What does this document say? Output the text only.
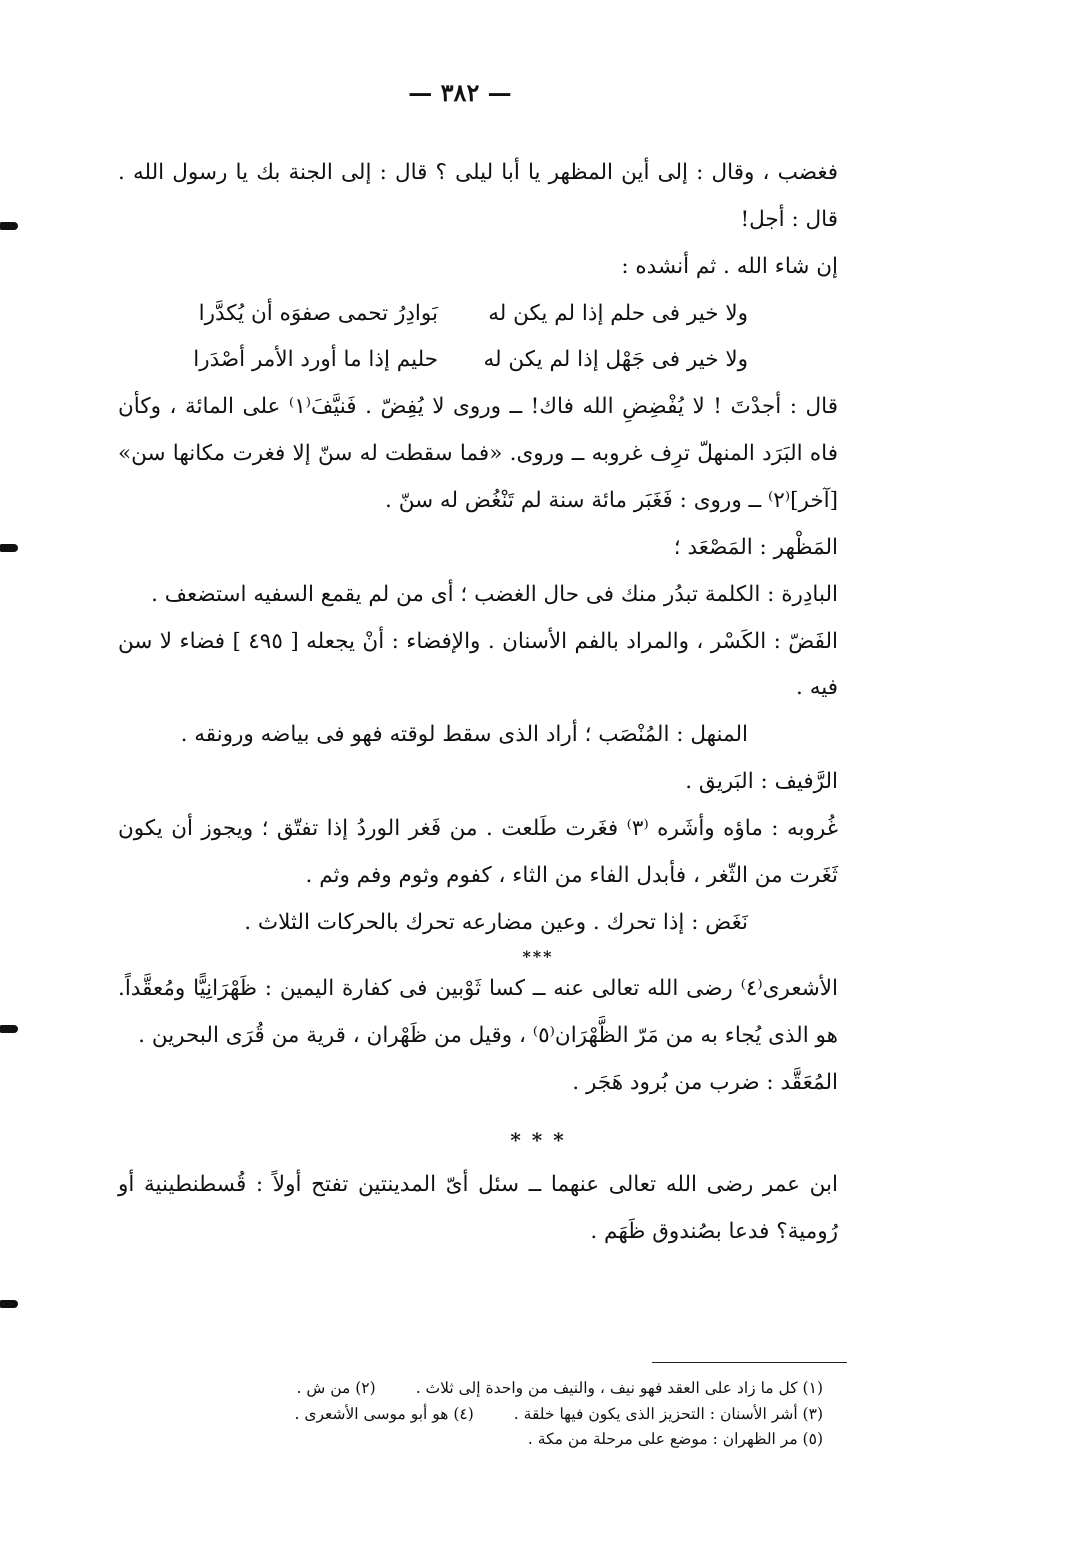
— ٣٨٢ —

فغضب ، وقال : إلى أين المظهر يا أبا ليلى ؟ قال : إلى الجنة بك يا رسول الله . قال : أجل!

إن شاء الله . ثم أنشده :

ولا خير فى حلم إذا لم يكن له
بَوادِرُ تحمى صفوَه أن يُكدَّرا
ولا خير فى جَهْل إذا لم يكن له
حليم إذا ما أورد الأمر أصْدَرا

قال : أجدْتَ ! لا يُفْضِضِ الله فاك! ــ وروى لا يُفِضّ . فَنيَّفَ⁽١⁾ على المائة ، وكأن فاه البَرَد المنهلّ ترِف غروبه ــ وروى. «فما سقطت له سنّ إلا فغرت مكانها سن» [آخر]⁽٢⁾ ــ وروى : فَغَبَر مائة سنة لم تَنْغُض له سنّ .

المَظْهر : المَصْعَد ؛

البادِرة : الكلمة تبدُر منك فى حال الغضب ؛ أى من لم يقمع السفيه استضعف .

الفَضّ : الكَسْر ، والمراد بالفم الأسنان . والإفضاء : أنْ يجعله [ ٤٩٥ ] فضاء لا سن فيه .

المنهل : المُنْصَب ؛ أراد الذى سقط لوقته فهو فى بياضه ورونقه .

الرَّفيف : البَريق .

غُروبه : ماؤه وأشَره ⁽٣⁾ فغَرت طَلعت . من فَغر الوردُ إذا تفتّق ؛ ويجوز أن يكون ثَغَرت من الثّغر ، فأبدل الفاء من الثاء ، كفوم وثوم وفم وثم .

نَغَض : إذا تحرك . وعين مضارعه تحرك بالحركات الثلاث .

***

الأشعرى⁽٤⁾ رضى الله تعالى عنه ــ كسا ثَوْبين فى كفارة اليمين : ظَهْرَانِيًّا ومُعقَّداً. هو الذى يُجاء به من مَرّ الظَّهْرَان⁽٥⁾ ، وقيل من ظَهْران ، قرية من قُرَى البحرين .

المُعَقَّد : ضرب من بُرود هَجَر .

* * *

ابن عمر رضى الله تعالى عنهما ــ سئل أىّ المدينتين تفتح أولاً : قُسطنطينية أو رُومية؟ فدعا بصُندوق ظَهَم .

(١) كل ما زاد على العقد فهو نيف ، والنيف من واحدة إلى ثلاث .
(٢) من ش .
(٣) أشر الأسنان : التحزيز الذى يكون فيها خلقة .
(٤) هو أبو موسى الأشعرى .
(٥) مر الظهران : موضع على مرحلة من مكة .
